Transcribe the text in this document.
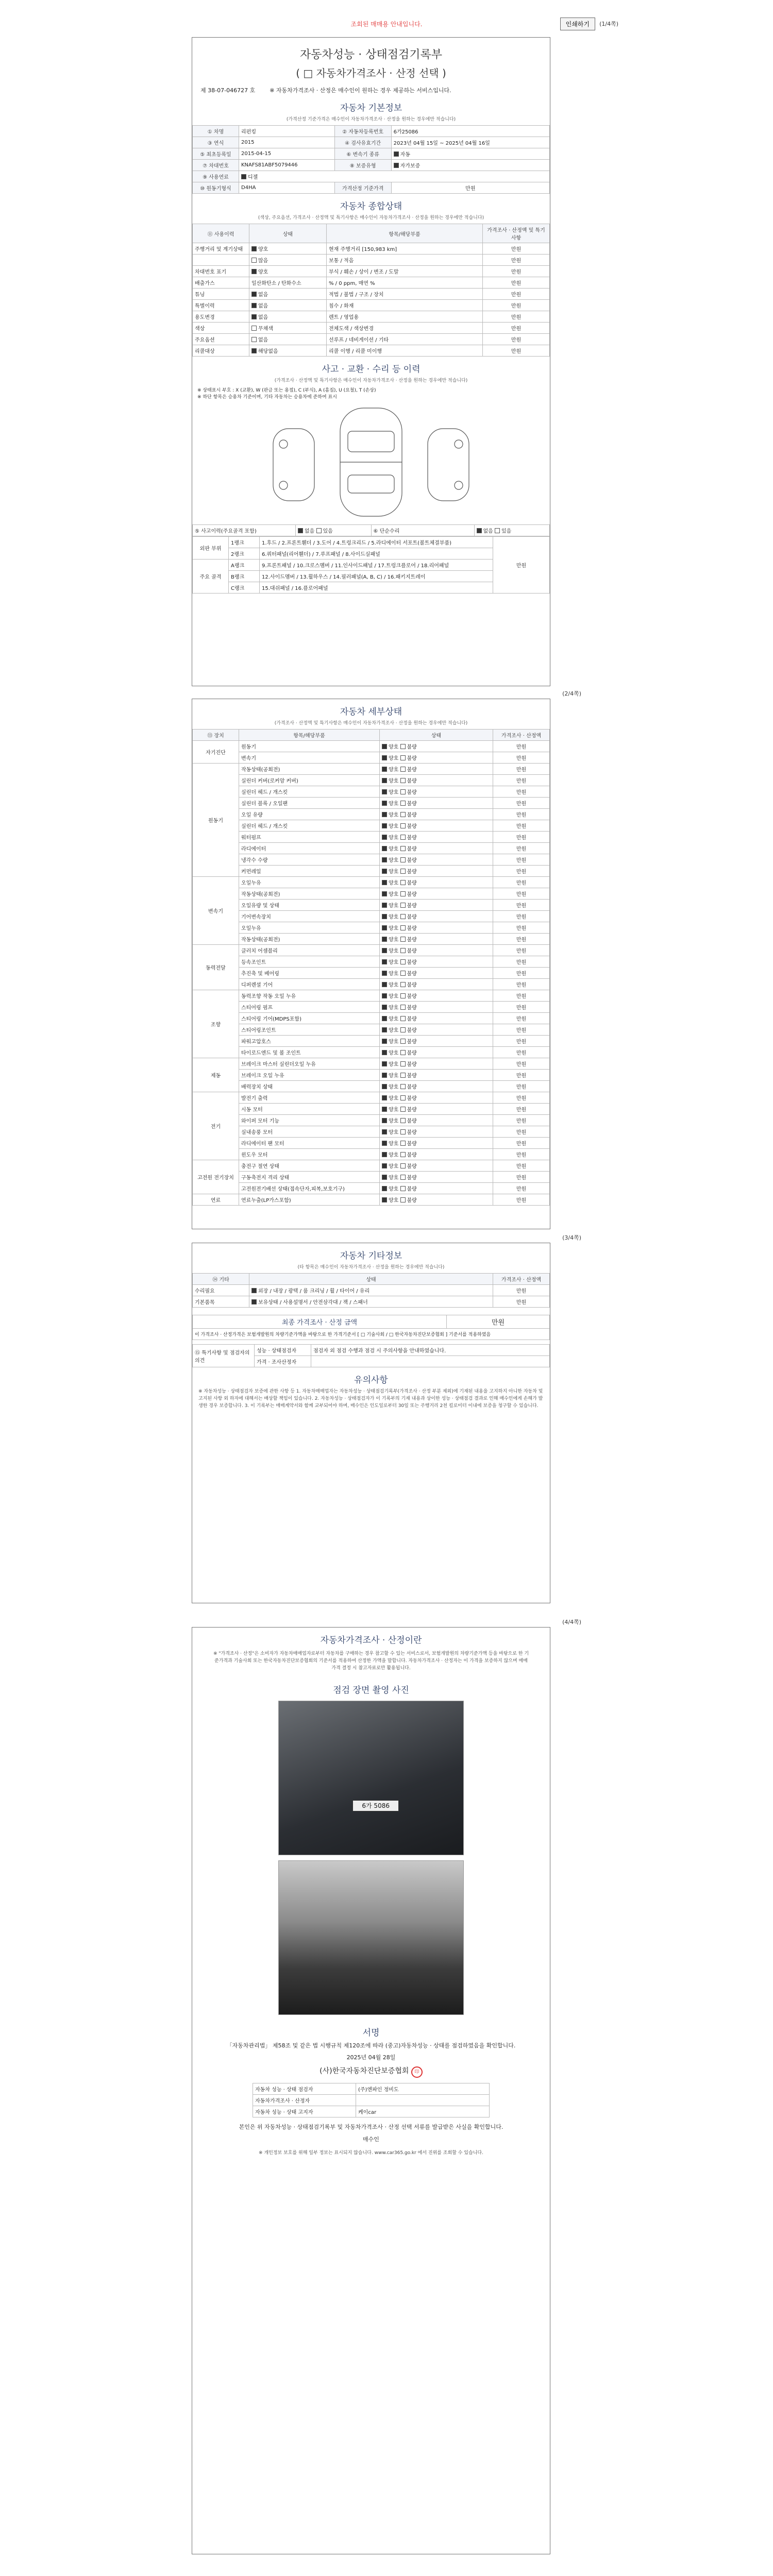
조회된 매매용 안내입니다.	인쇄하기	(1/4쪽)
자동차성능 · 상태점검기록부
( □ 자동차가격조사 · 산정 선택 )
제 38-07-046727 호	※ 자동차가격조사 · 산정은 매수인이 원하는 경우 제공하는 서비스입니다.
자동차 기본정보
(가격산정 기준가격은 매수인이 자동차가격조사 · 산정을 원하는 경우에만 적습니다)
① 차명	리펀킹	② 자동차등록번호	6가25086
③ 연식	2015	④ 검사유효기간	2023년 04월 15일 ~ 2025년 04월 16일
⑤ 최초등록일	2015-04-15	⑥ 변속기 종류	자동
⑦ 차대번호	KNAFS81ABF5079446	⑧ 보증유형	자가보증
⑨ 사용연료	디젤		
⑩ 원동기형식	D4HA	가격산정 기준가격	만원
자동차 종합상태
(색상, 주요옵션, 가격조사 · 산정액 및 특기사항은 매수인이 자동차가격조사 · 산정을 원하는 경우에만 적습니다)
⑪ 사용이력	상태	항목/해당부품	가격조사 · 산정액 및 특기사항
주행거리 및 계기상태	양호	현재 주행거리 [150,983 km]	만원
	많음	보통 / 적음	만원
차대번호 표기	양호	부식 / 훼손 / 상이 / 변조 / 도말	만원
배출가스	일산화탄소 / 탄화수소	% / 0 ppm, 매연 %	만원
튜닝	없음	적법 / 불법 / 구조 / 장치	만원
특별이력	없음	침수 / 화재	만원
용도변경	없음	렌트 / 영업용	만원
색상	무채색	전체도색 / 색상변경	만원
주요옵션	없음	선루프 / 네비게이션 / 기타	만원
리콜대상	해당없음	리콜 이행 / 리콜 미이행	만원
사고 · 교환 · 수리 등 이력
(가격조사 · 산정액 및 특기사항은 매수인이 자동차가격조사 · 산정을 원하는 경우에만 적습니다)
※ 상태표시 부호 : X (교환), W (판금 또는 용접), C (부식), A (흠집), U (요철), T (손상)
※ 하단 항목은 승용차 기준이며, 기타 자동차는 승용차에 준하여 표시
⑤ 사고이력(주요골격 포함)	없음 있음	⑥ 단순수리	없음 있음
외판 부위	1랭크	1.후드 / 2.프론트휀더 / 3.도어 / 4.트렁크리드 / 5.라디에이터 서포트(볼트체결부품)	만원
	2랭크	6.쿼터패널(리어휀더) / 7.루프패널 / 8.사이드실패널	
주요 골격	A랭크	9.프론트패널 / 10.크로스멤버 / 11.인사이드패널 / 17.트렁크플로어 / 18.리어패널	
	B랭크	12.사이드멤버 / 13.휠하우스 / 14.필러패널(A, B, C) / 16.패키지트레이	
	C랭크	15.대쉬패널 / 16.플로어패널	
(2/4쪽)
자동차 세부상태
(가격조사 · 산정액 및 특기사항은 매수인이 자동차가격조사 · 산정을 원하는 경우에만 적습니다)
⑬ 장치	항목/해당부품	상태	가격조사 · 산정액
자기진단	원동기	양호 불량	만원
	변속기	양호 불량	만원
원동기	작동상태(공회전)	양호 불량	만원
	실린더 커버(로커암 커버)	양호 불량	만원
	실린더 헤드 / 개스킷	양호 불량	만원
	실린더 블록 / 오일팬	양호 불량	만원
	오일 유량	양호 불량	만원
	실린더 헤드 / 개스킷	양호 불량	만원
	워터펌프	양호 불량	만원
	라디에이터	양호 불량	만원
	냉각수 수량	양호 불량	만원
	커먼레일	양호 불량	만원
변속기	오일누유	양호 불량	만원
	작동상태(공회전)	양호 불량	만원
	오일유량 및 상태	양호 불량	만원
	기어변속장치	양호 불량	만원
	오일누유	양호 불량	만원
	작동상태(공회전)	양호 불량	만원
동력전달	클러치 어셈블리	양호 불량	만원
	등속조인트	양호 불량	만원
	추진축 및 베어링	양호 불량	만원
	디퍼렌셜 기어	양호 불량	만원
조향	동력조향 작동 오일 누유	양호 불량	만원
	스티어링 펌프	양호 불량	만원
	스티어링 기어(MDPS포함)	양호 불량	만원
	스티어링조인트	양호 불량	만원
	파워고압호스	양호 불량	만원
	타이로드엔드 및 볼 조인트	양호 불량	만원
제동	브레이크 마스터 실린더오일 누유	양호 불량	만원
	브레이크 오일 누유	양호 불량	만원
	배력장치 상태	양호 불량	만원
전기	발전기 출력	양호 불량	만원
	시동 모터	양호 불량	만원
	와이퍼 모터 기능	양호 불량	만원
	실내송풍 모터	양호 불량	만원
	라디에이터 팬 모터	양호 불량	만원
	윈도우 모터	양호 불량	만원
고전원 전기장치	충전구 절연 상태	양호 불량	만원
	구동축전지 격리 상태	양호 불량	만원
	고전원전기배선 상태(접속단자,피복,보호기구)	양호 불량	만원
연료	연료누출(LP가스포함)	양호 불량	만원
(3/4쪽)
자동차 기타정보
(타 항목은 매수인이 자동차가격조사 · 산정을 원하는 경우에만 적습니다)
⑭ 기타	상태	가격조사 · 산정액
수리필요	외장 / 내장 / 광택 / 룸 크리닝 / 휠 / 타이어 / 유리	만원
기본품목	보유상태 / 사용설명서 / 안전삼각대 / 잭 / 스패너	만원
최종 가격조사 · 산정 금액	만원
이 가격조사 · 산정가격은 보험개발원의 차량기준가액을 바탕으로 한 가격기준서 [ □ 기술사회 / □ 한국자동차진단보증협회 ] 기준서를 적용하였음
⑮ 특기사항 및 점검자의 의견	성능 · 상태점검자	점검자 외 점검 수행과 점검 시 주의사항을 안내하였습니다.
	가격 · 조사산정자	
유의사항
※ 자동차성능 · 상태점검자 보증에 관한 사항 등 1. 자동차매매업자는 자동차성능 · 상태점검기록부(가격조사 · 산정 부분 제외)에 기재된 내용을 고지하지 아니한 자동차 및 고지된 사항 외 하자에 대해서는 배상할 책임이 있습니다. 2. 자동차성능 · 상태점검자가 이 기록부의 기재 내용과 상이한 성능 · 상태점검 결과로 인해 매수인에게 손해가 발생한 경우 보증합니다. 3. 이 기록부는 매매계약서와 함께 교부되어야 하며, 매수인은 인도일로부터 30일 또는 주행거리 2천 킬로미터 이내에 보증을 청구할 수 있습니다.
(4/4쪽)
자동차가격조사 · 산정이란
※ "가격조사 · 산정"은 소비자가 자동차매매업자로부터 자동차를 구매하는 경우 참고할 수 있는 서비스로서, 보험개발원의 차량기준가액 등을 바탕으로 한 기준가격과 기술사회 또는 한국자동차진단보증협회의 기준서를 적용하여 산정한 가액을 말합니다. 자동차가격조사 · 산정자는 이 가격을 보증하지 않으며 매매가격 결정 시 참고자료로만 활용됩니다.
점검 장면 촬영 사진
6가 5086
서명
「자동차관리법」 제58조 및 같은 법 시행규칙 제120조에 따라 (중고)자동차성능 · 상태를 점검하였음을 확인합니다.
2025년 04월 28일
(사)한국자동차진단보증협회 印
자동차 성능 · 상태 점검자	(주)엔파인 정비도
자동차가격조사 · 산정자	
자동차 성능 · 상태 고지자	케이car
본인은 위 자동차성능 · 상태점검기록부 및 자동차가격조사 · 산정 선택 서류를 발급받은 사실을 확인합니다.
매수인
※ 개인정보 보호를 위해 일부 정보는 표시되지 않습니다. www.car365.go.kr 에서 진위를 조회할 수 있습니다.
